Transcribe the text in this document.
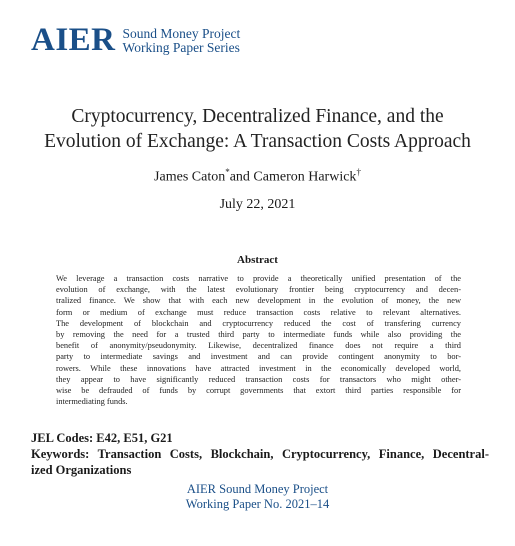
AIER Sound Money Project
Working Paper Series
Cryptocurrency, Decentralized Finance, and the
Evolution of Exchange: A Transaction Costs Approach
James Caton*and Cameron Harwick†
July 22, 2021
Abstract
We leverage a transaction costs narrative to provide a theoretically unified presentation of the
evolution of exchange, with the latest evolutionary frontier being cryptocurrency and decen-
tralized finance. We show that with each new development in the evolution of money, the new
form or medium of exchange must reduce transaction costs relative to relevant alternatives.
The development of blockchain and cryptocurrency reduced the cost of transfering currency
by removing the need for a trusted third party to intermediate funds while also providing the
benefit of anonymity/pseudonymity. Likewise, decentralized finance does not require a third
party to intermediate savings and investment and can provide contingent anonymity to bor-
rowers. While these innovations have attracted investment in the economically developed world,
they appear to have significantly reduced transaction costs for transactors who might other-
wise be defrauded of funds by corrupt governments that extort third parties responsible for
intermediating funds.
JEL Codes: E42, E51, G21
Keywords: Transaction Costs, Blockchain, Cryptocurrency, Finance, Decentral-
ized Organizations
AIER Sound Money Project
Working Paper No. 2021–14
